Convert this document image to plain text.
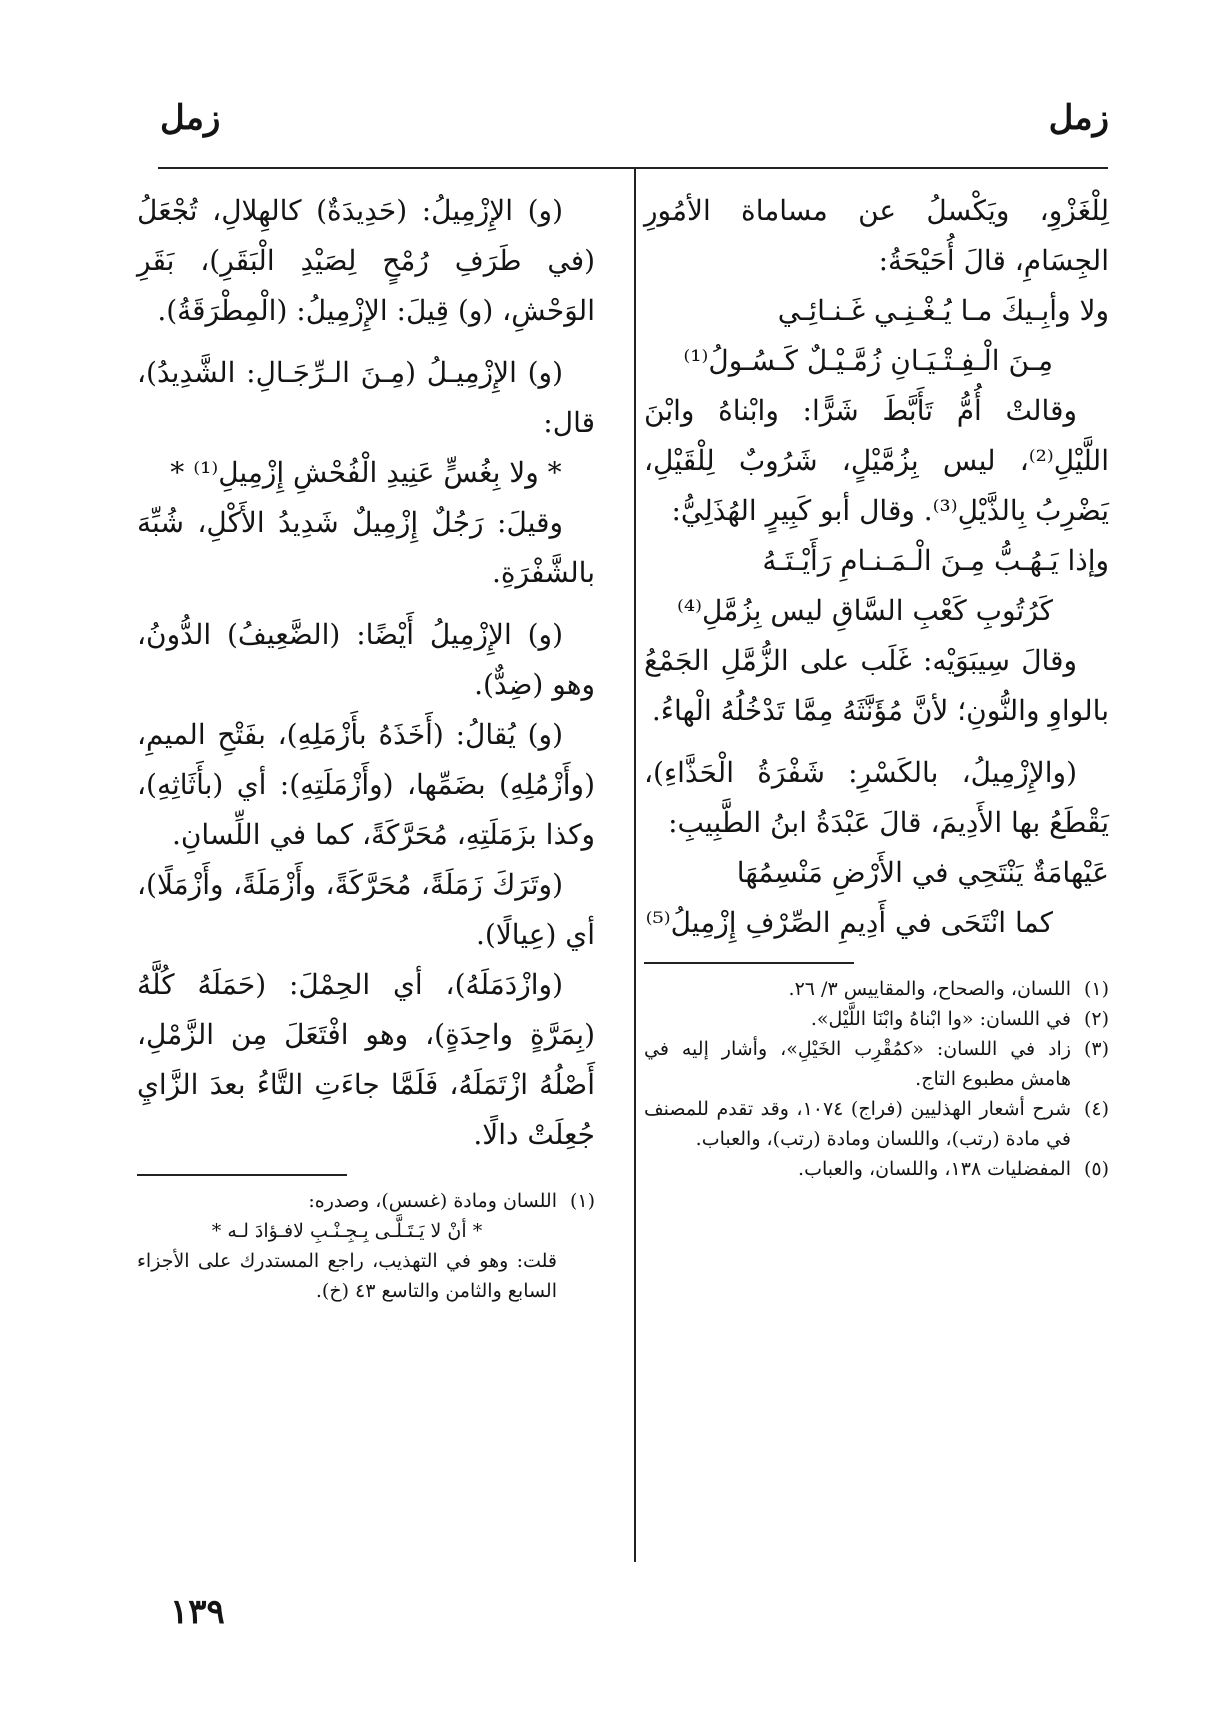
زمل
زمل

لِلْغَزْوِ، ويَكْسلُ عن مساماة الأمُورِ الجِسَامِ، قالَ أُحَيْحَةُ:

ولا وأبِـيكَ مـا يُـغْـنِـي غَـنـائِـي

مِـنَ الْـفِـتْـيَـانِ زُمَّـيْـلٌ كَـسُـولُ⁽¹⁾

وقالتْ أُمُّ تَأَبَّطَ شَرًّا: وابْناهُ وابْنَ اللَّيْلِ⁽²⁾، ليس بِزُمَّيْلٍ، شَرُوبٌ لِلْقَيْلِ، يَضْرِبُ بِالذَّيْلِ⁽³⁾. وقال أبو كَبِيرٍ الهُذَلِيُّ:

وإذا يَـهُـبُّ مِـنَ الْـمَـنـامِ رَأَيْـتَـهُ

كَرُتُوبِ كَعْبِ السَّاقِ ليس بِزُمَّلِ⁽⁴⁾

وقالَ سِيبَوَيْه: غَلَب على الزُّمَّلِ الجَمْعُ بالواوِ والنُّونِ؛ لأنَّ مُؤَنَّثَهُ مِمَّا تَدْخُلُهُ الْهاءُ.

(والإِزْمِيلُ، بالكَسْرِ: شَفْرَةُ الْحَذَّاءِ)، يَقْطَعُ بها الأَدِيمَ، قالَ عَبْدَةُ ابنُ الطَّبِيبِ:

عَيْهامَةٌ يَنْتَحِي في الأَرْضِ مَنْسِمُهَا

كما انْتَحَى في أَدِيمِ الصِّرْفِ إِزْمِيلُ⁽⁵⁾

(١)اللسان، والصحاح، والمقاييس ٣/ ٢٦.

(٢)في اللسان: «وا ابْناهُ وابْنَا اللَّيْل».

(٣)زاد في اللسان: «كمُقْرِب الخَيْلِ»، وأشار إليه في هامش مطبوع التاج.

(٤)شرح أشعار الهذليين (فراج) ١٠٧٤، وقد تقدم للمصنف في مادة (رتب)، واللسان ومادة (رتب)، والعباب.

(٥)المفضليات ١٣٨، واللسان، والعباب.

(و) الإِزْمِيلُ: (حَدِيدَةٌ) كالهِلالِ، تُجْعَلُ (في طَرَفِ رُمْحٍ لِصَيْدِ الْبَقَرِ)، بَقَرِ الوَحْشِ، (و) قِيلَ: الإِزْمِيلُ: (الْمِطْرَقَةُ).

(و) الإِزْمِيـلُ (مِـنَ الـرِّجَـالِ: الشَّدِيدُ)، قال:

* ولا بِغُسٍّ عَنِيدِ الْفُحْشِ إِزْمِيلِ⁽¹⁾ *

وقيلَ: رَجُلٌ إِزْمِيلٌ شَدِيدُ الأَكْلِ، شُبِّهَ بالشَّفْرَةِ.

(و) الإِزْمِيلُ أَيْضًا: (الضَّعِيفُ) الدُّونُ، وهو (ضِدٌّ).

(و) يُقالُ: (أَخَذَهُ بأَزْمَلِهِ)، بفَتْحِ الميمِ، (وأَزْمُلِهِ) بضَمِّها، (وأَزْمَلَتِهِ): أي (بأَثَاثِهِ)، وكذا بزَمَلَتِهِ، مُحَرَّكَةً، كما في اللِّسانِ.

(وتَرَكَ زَمَلَةً، مُحَرَّكَةً، وأَزْمَلَةً، وأَزْمَلًا)، أي (عِيالًا).

(وازْدَمَلَهُ)، أي الحِمْلَ: (حَمَلَهُ كُلَّهُ (بِمَرَّةٍ واحِدَةٍ)، وهو افْتَعَلَ مِن الزَّمْلِ، أَصْلُهُ ازْتَمَلَهُ، فَلَمَّا جاءَتِ التَّاءُ بعدَ الزَّايِ جُعِلَتْ دالًا.

(١)اللسان ومادة (غسس)، وصدره:

* أنْ لا يَـتَـلَّـى بِـجِـنْـبِ لافـؤادَ لـه *

قلت: وهو في التهذيب، راجع المستدرك على الأجزاء السابع والثامن والتاسع ٤٣ (خ).

١٣٩
